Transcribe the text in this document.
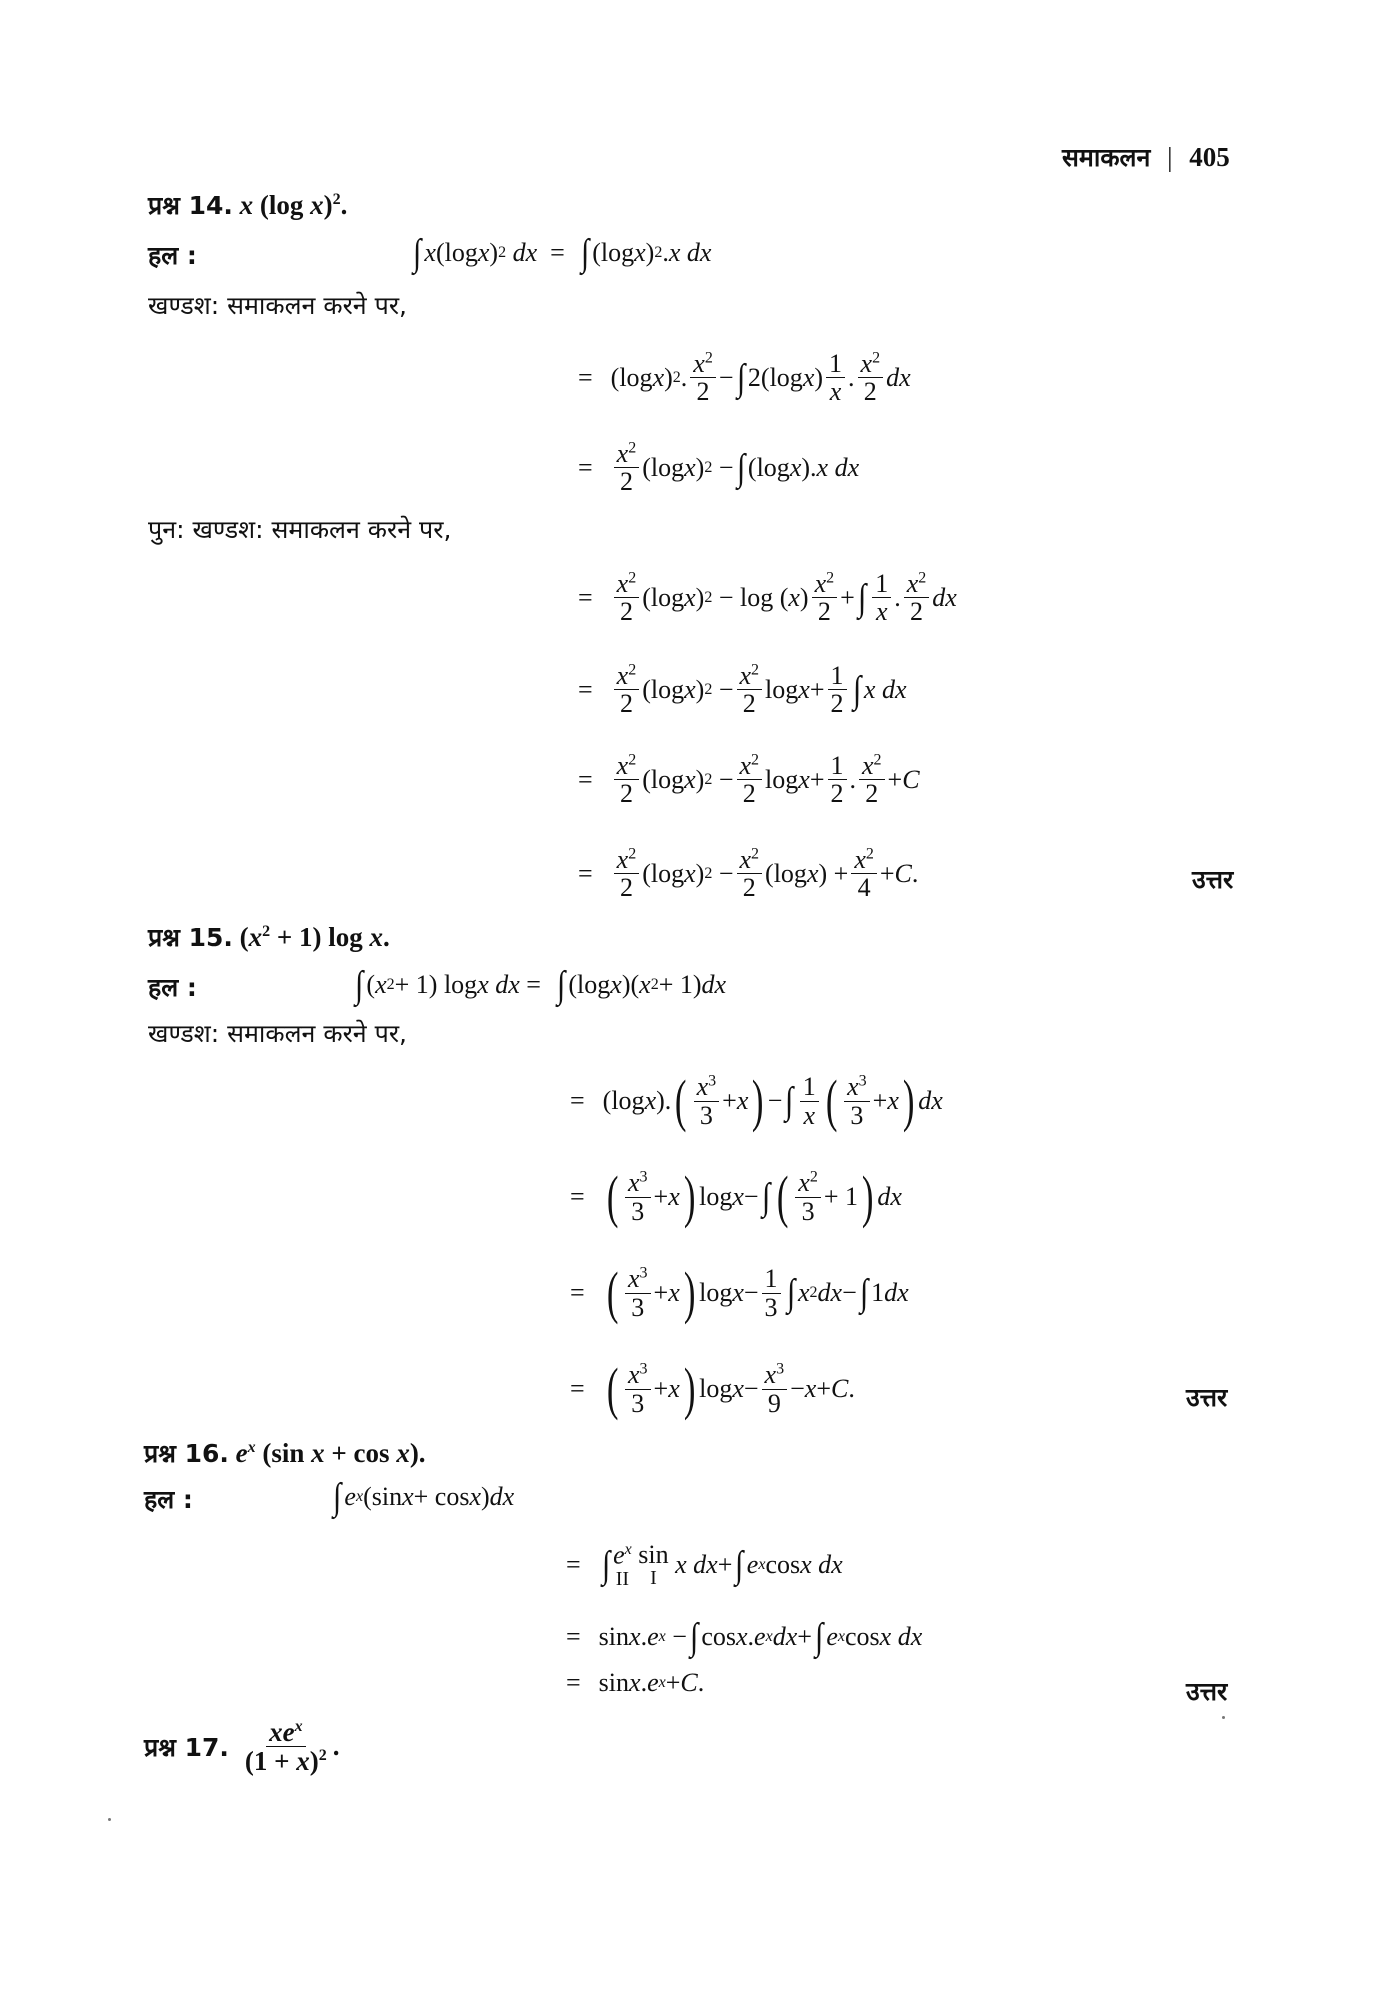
समाकलन | 405
प्रश्न 14. x (log x)$^2$.
हल :	∫ x (log x ) 2
dx = ∫ (log x ) 2 . x dx
खण्डश: समाकलन करने पर,
= (log x ) 2 . $\frac{x^2}{2}$ − ∫ 2(log x ) $\frac{1}{x}$ . $\frac{x^2}{2}$ dx
= $\frac{x^2}{2} (\log$ x ) 2 − ∫ (log x ). x dx
पुन: खण्डश: समाकलन करने पर,
= $\frac{x^2}{2} (\log$ x ) 2 − log ( x ) $\frac{x^2}{2}$ + ∫ $\frac{1}{x}$ . $\frac{x^2}{2}$ dx
= $\frac{x^2}{2} (\log$ x ) $2 - \frac{x^2}{2}$ $\log x + \frac{1}{2}$ ∫ x dx
= $\frac{x^2}{2} (\log$ x ) $2 - \frac{x^2}{2}$ $\log x + \frac{1}{2}$ . $\frac{x^2}{2} + C$
= $\frac{x^2}{2} (\log$ x ) $2 - \frac{x^2}{2} (\log$ x ) + $\frac{x^2}{4} + C$ .	उत्तर
प्रश्न 15. $(x^2 + 1)$ log x.
हल :	∫ ( x 2 + 1) log x dx = ∫ (log x )( x 2 + 1) dx
खण्डश: समाकलन करने पर,
= (log x ). ( $\frac{x^3}{3} + x$ ) − ∫ $\frac{1}{x}$ ( $\frac{x^3}{3} + x$ ) dx
= ( $\frac{x^3}{3} + x$ ) log x − ∫ ( $\frac{x^2}{3} + 1$ ) dx
= ( $\frac{x^3}{3} + x$ ) $\log x - \frac{1}{3}$ ∫ x 2 dx − ∫ 1 dx
= ( $\frac{x^3}{3} + x$ ) $\log x - \frac{x^3}{9} - x + C$ .	उत्तर
प्रश्न 16. $e^x$ (sin x + cos x).
हल :	∫ e x (sin x + cos x ) dx
= ∫ $e^x$
II

sin
I
x dx + ∫ e x cos x dx
= sin x . e x − ∫ cos x . e x dx + ∫ e x cos x dx
= sin x . e x + C .	उत्तर
प्रश्न 17. $\frac{xe^x}{(1 + x)^2}$ .
